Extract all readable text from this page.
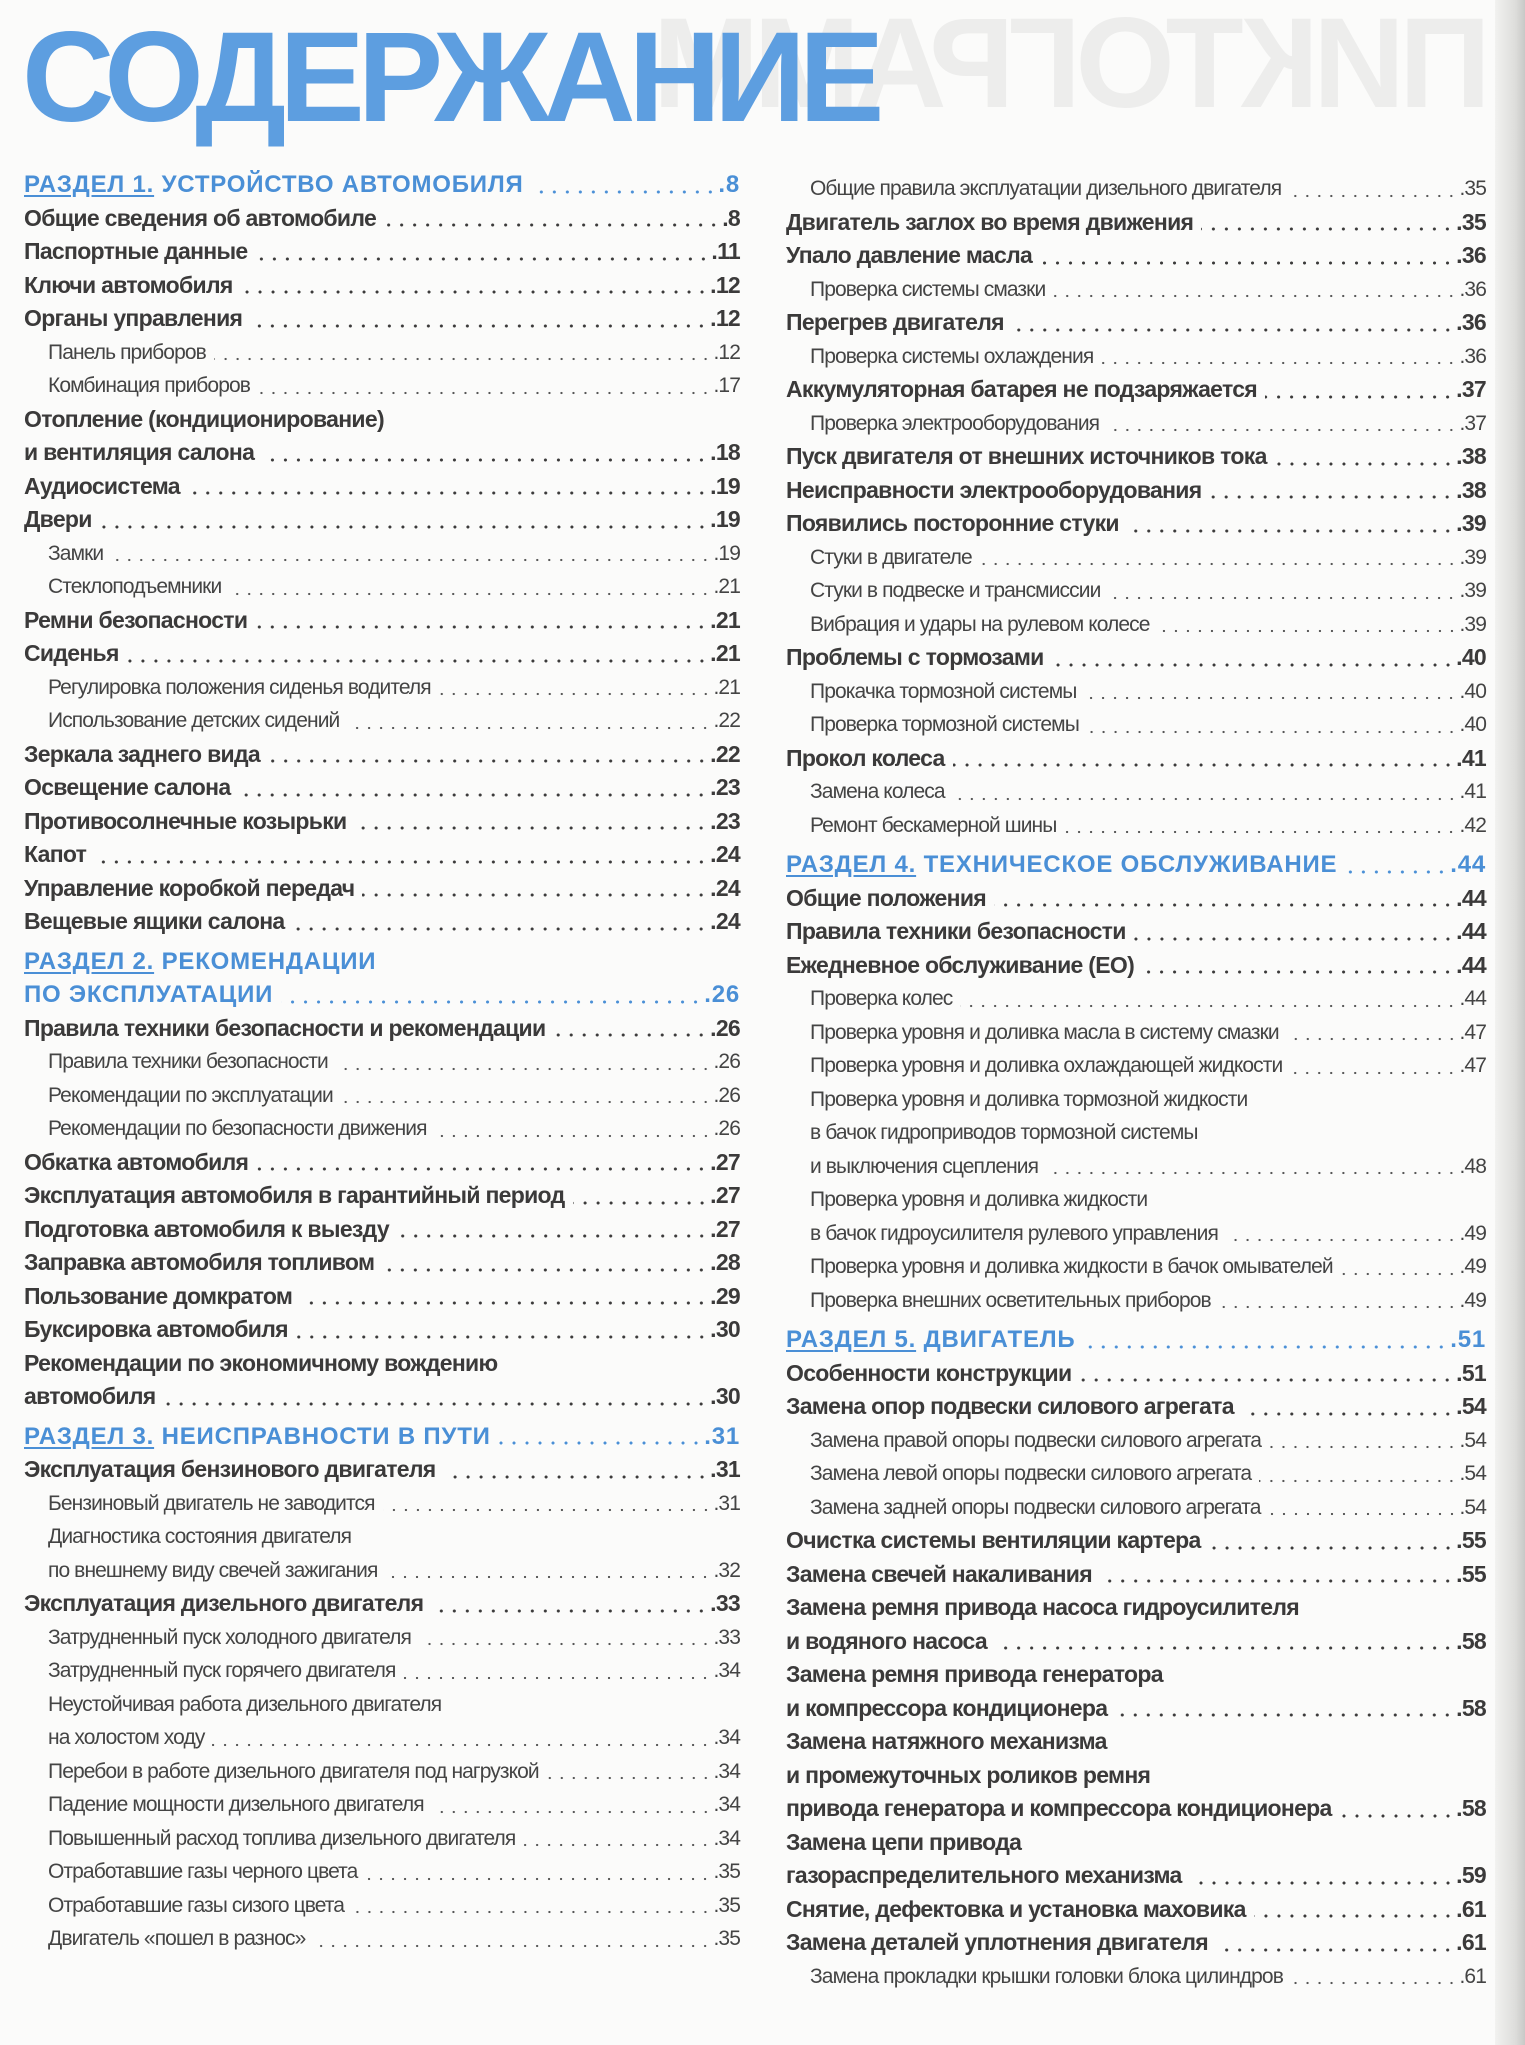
ПИКТОГРАММ
СОДЕРЖАНИЕ
РАЗДЕЛ 1. УСТРОЙСТВО АВТОМОБИЛЯ	.8
Общие сведения об автомобиле	.8
Паспортные данные	.11
Ключи автомобиля	.12
Органы управления	.12
Панель приборов	.12
Комбинация приборов	.17
Отопление (кондиционирование)
и вентиляция салона	.18
Аудиосистема	.19
Двери	.19
Замки	.19
Стеклоподъемники	.21
Ремни безопасности	.21
Сиденья	.21
Регулировка положения сиденья водителя	.21
Использование детских сидений	.22
Зеркала заднего вида	.22
Освещение салона	.23
Противосолнечные козырьки	.23
Капот	.24
Управление коробкой передач	.24
Вещевые ящики салона	.24
РАЗДЕЛ 2. РЕКОМЕНДАЦИИ
ПО ЭКСПЛУАТАЦИИ	.26
Правила техники безопасности и рекомендации	.26
Правила техники безопасности	.26
Рекомендации по эксплуатации	.26
Рекомендации по безопасности движения	.26
Обкатка автомобиля	.27
Эксплуатация автомобиля в гарантийный период	.27
Подготовка автомобиля к выезду	.27
Заправка автомобиля топливом	.28
Пользование домкратом	.29
Буксировка автомобиля	.30
Рекомендации по экономичному вождению
автомобиля	.30
РАЗДЕЛ 3. НЕИСПРАВНОСТИ В ПУТИ	.31
Эксплуатация бензинового двигателя	.31
Бензиновый двигатель не заводится	.31
Диагностика состояния двигателя
по внешнему виду свечей зажигания	.32
Эксплуатация дизельного двигателя	.33
Затрудненный пуск холодного двигателя	.33
Затрудненный пуск горячего двигателя	.34
Неустойчивая работа дизельного двигателя
на холостом ходу	.34
Перебои в работе дизельного двигателя под нагрузкой	.34
Падение мощности дизельного двигателя	.34
Повышенный расход топлива дизельного двигателя	.34
Отработавшие газы черного цвета	.35
Отработавшие газы сизого цвета	.35
Двигатель «пошел в разнос»	.35
Общие правила эксплуатации дизельного двигателя	.35
Двигатель заглох во время движения	.35
Упало давление масла	.36
Проверка системы смазки	.36
Перегрев двигателя	.36
Проверка системы охлаждения	.36
Аккумуляторная батарея не подзаряжается	.37
Проверка электрооборудования	.37
Пуск двигателя от внешних источников тока	.38
Неисправности электрооборудования	.38
Появились посторонние стуки	.39
Стуки в двигателе	.39
Стуки в подвеске и трансмиссии	.39
Вибрация и удары на рулевом колесе	.39
Проблемы с тормозами	.40
Прокачка тормозной системы	.40
Проверка тормозной системы	.40
Прокол колеса	.41
Замена колеса	.41
Ремонт бескамерной шины	.42
РАЗДЕЛ 4. ТЕХНИЧЕСКОЕ ОБСЛУЖИВАНИЕ	.44
Общие положения	.44
Правила техники безопасности	.44
Ежедневное обслуживание (ЕО)	.44
Проверка колес	.44
Проверка уровня и доливка масла в систему смазки	.47
Проверка уровня и доливка охлаждающей жидкости	.47
Проверка уровня и доливка тормозной жидкости
в бачок гидроприводов тормозной системы
и выключения сцепления	.48
Проверка уровня и доливка жидкости
в бачок гидроусилителя рулевого управления	.49
Проверка уровня и доливка жидкости в бачок омывателей	.49
Проверка внешних осветительных приборов	.49
РАЗДЕЛ 5. ДВИГАТЕЛЬ	.51
Особенности конструкции	.51
Замена опор подвески силового агрегата	.54
Замена правой опоры подвески силового агрегата	.54
Замена левой опоры подвески силового агрегата	.54
Замена задней опоры подвески силового агрегата	.54
Очистка системы вентиляции картера	.55
Замена свечей накаливания	.55
Замена ремня привода насоса гидроусилителя
и водяного насоса	.58
Замена ремня привода генератора
и компрессора кондиционера	.58
Замена натяжного механизма
и промежуточных роликов ремня
привода генератора и компрессора кондиционера	.58
Замена цепи привода
газораспределительного механизма	.59
Снятие, дефектовка и установка маховика	.61
Замена деталей уплотнения двигателя	.61
Замена прокладки крышки головки блока цилиндров	.61
